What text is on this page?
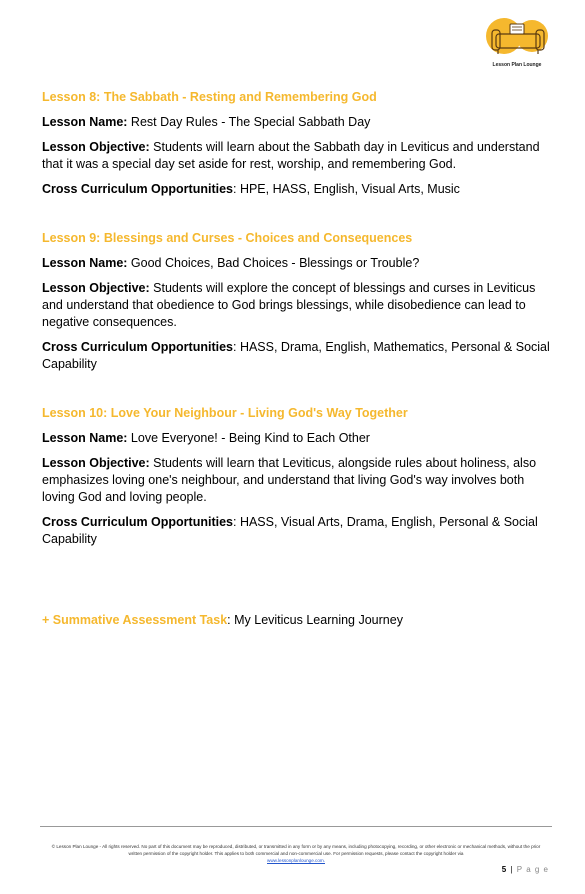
Lesson Plan Lounge

Lesson 8: The Sabbath - Resting and Remembering God

Lesson Name: Rest Day Rules - The Special Sabbath Day

Lesson Objective: Students will learn about the Sabbath day in Leviticus and understand that it was a special day set aside for rest, worship, and remembering God.

Cross Curriculum Opportunities: HPE, HASS, English, Visual Arts, Music

Lesson 9: Blessings and Curses - Choices and Consequences

Lesson Name: Good Choices, Bad Choices - Blessings or Trouble?

Lesson Objective: Students will explore the concept of blessings and curses in Leviticus and understand that obedience to God brings blessings, while disobedience can lead to negative consequences.

Cross Curriculum Opportunities: HASS, Drama, English, Mathematics, Personal & Social Capability

Lesson 10: Love Your Neighbour - Living God's Way Together

Lesson Name: Love Everyone! - Being Kind to Each Other

Lesson Objective: Students will learn that Leviticus, alongside rules about holiness, also emphasizes loving one's neighbour, and understand that living God's way involves both loving God and loving people.

Cross Curriculum Opportunities: HASS, Visual Arts, Drama, English, Personal & Social Capability

+ Summative Assessment Task: My Leviticus Learning Journey
© Lesson Plan Lounge - All rights reserved. No part of this document may be reproduced, distributed, or transmitted in any form or by any means, including photocopying, recording, or other electronic or mechanical methods, without the prior written permission of the copyright holder. This applies to both commercial and non-commercial use. For permission requests, please contact the copyright holder via
www.lessonplanlounge.com.
5 | P a g e
